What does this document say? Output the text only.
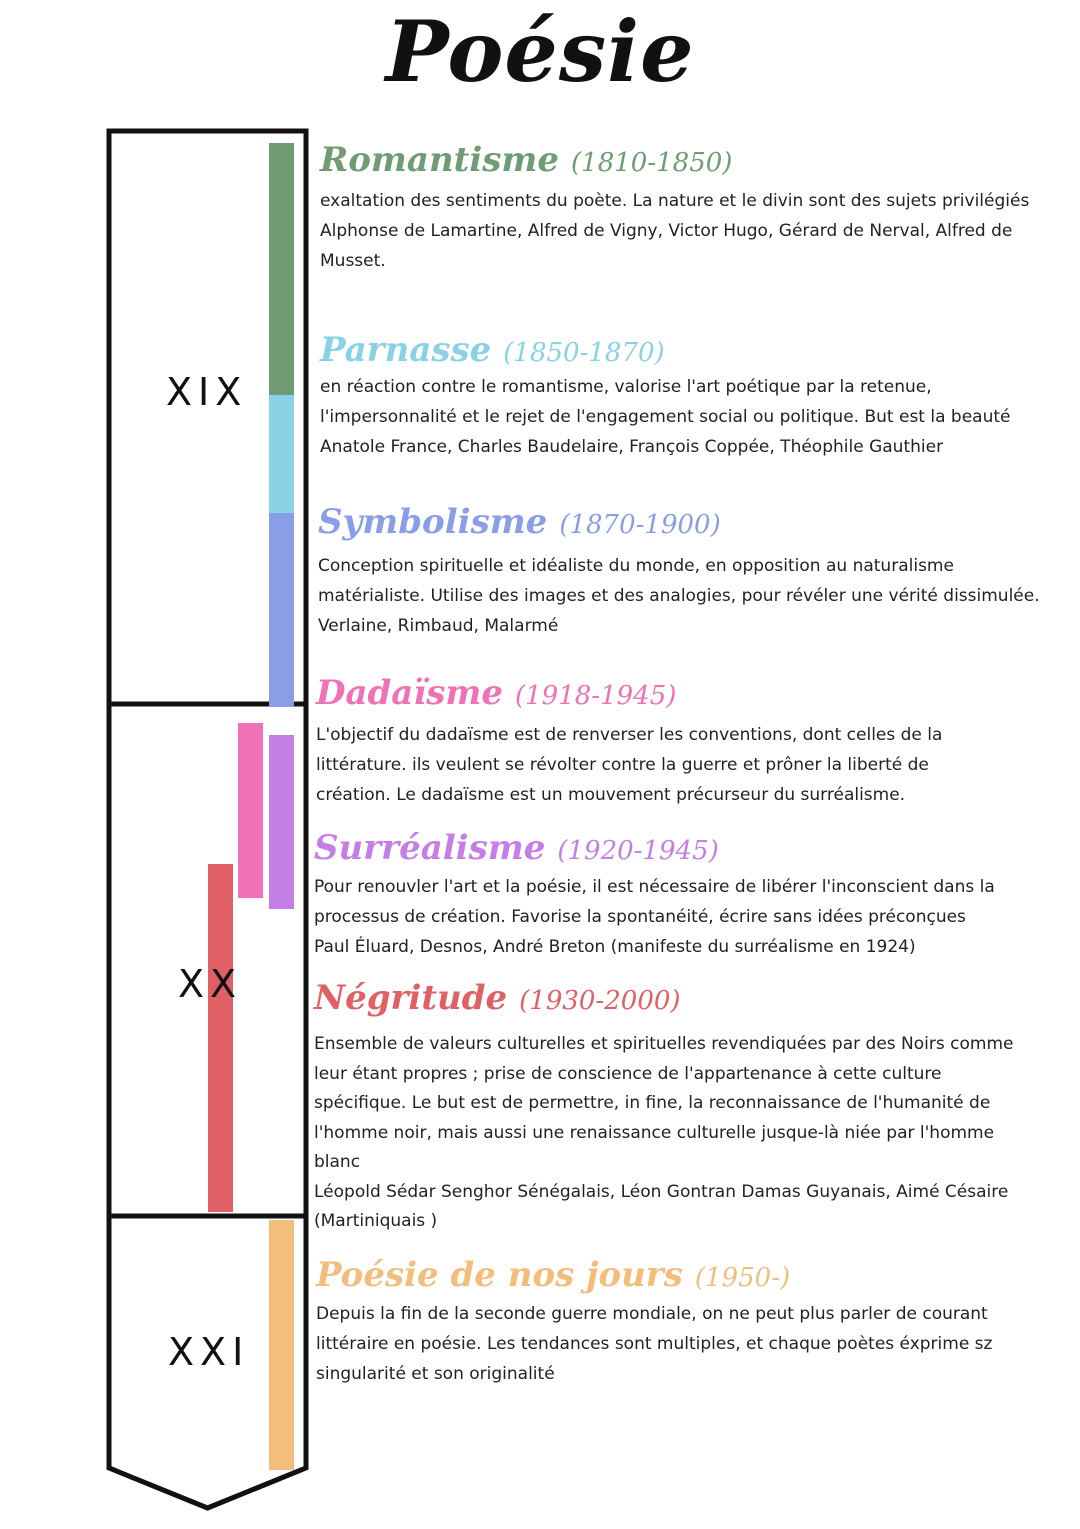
Poésie
XIX
XX
XXI
Romantisme (1810-1850)
exaltation des sentiments du poète. La nature et le divin sont des sujets privilégiés
Alphonse de Lamartine, Alfred de Vigny, Victor Hugo, Gérard de Nerval, Alfred de
Musset.
Parnasse (1850-1870)
en réaction contre le romantisme, valorise l'art poétique par la retenue,
l'impersonnalité et le rejet de l'engagement social ou politique. But est la beauté
Anatole France, Charles Baudelaire, François Coppée, Théophile Gauthier
Symbolisme (1870-1900)
Conception spirituelle et idéaliste du monde, en opposition au naturalisme
matérialiste. Utilise des images et des analogies, pour révéler une vérité dissimulée.
Verlaine, Rimbaud, Malarmé
Dadaïsme (1918-1945)
L'objectif du dadaïsme est de renverser les conventions, dont celles de la
littérature. ils veulent se révolter contre la guerre et prôner la liberté de
création. Le dadaïsme est un mouvement précurseur du surréalisme.
Surréalisme (1920-1945)
Pour renouvler l'art et la poésie, il est nécessaire de libérer l'inconscient dans la
processus de création. Favorise la spontanéité, écrire sans idées préconçues
Paul Éluard, Desnos, André Breton (manifeste du surréalisme en 1924)
Négritude (1930-2000)
Ensemble de valeurs culturelles et spirituelles revendiquées par des Noirs comme
leur étant propres ; prise de conscience de l'appartenance à cette culture
spécifique. Le but est de permettre, in fine, la reconnaissance de l'humanité de
l'homme noir, mais aussi une renaissance culturelle jusque-là niée par l'homme
blanc
Léopold Sédar Senghor Sénégalais, Léon Gontran Damas Guyanais, Aimé Césaire
(Martiniquais )
Poésie de nos jours (1950-)
Depuis la fin de la seconde guerre mondiale, on ne peut plus parler de courant
littéraire en poésie. Les tendances sont multiples, et chaque poètes éxprime sz
singularité et son originalité
